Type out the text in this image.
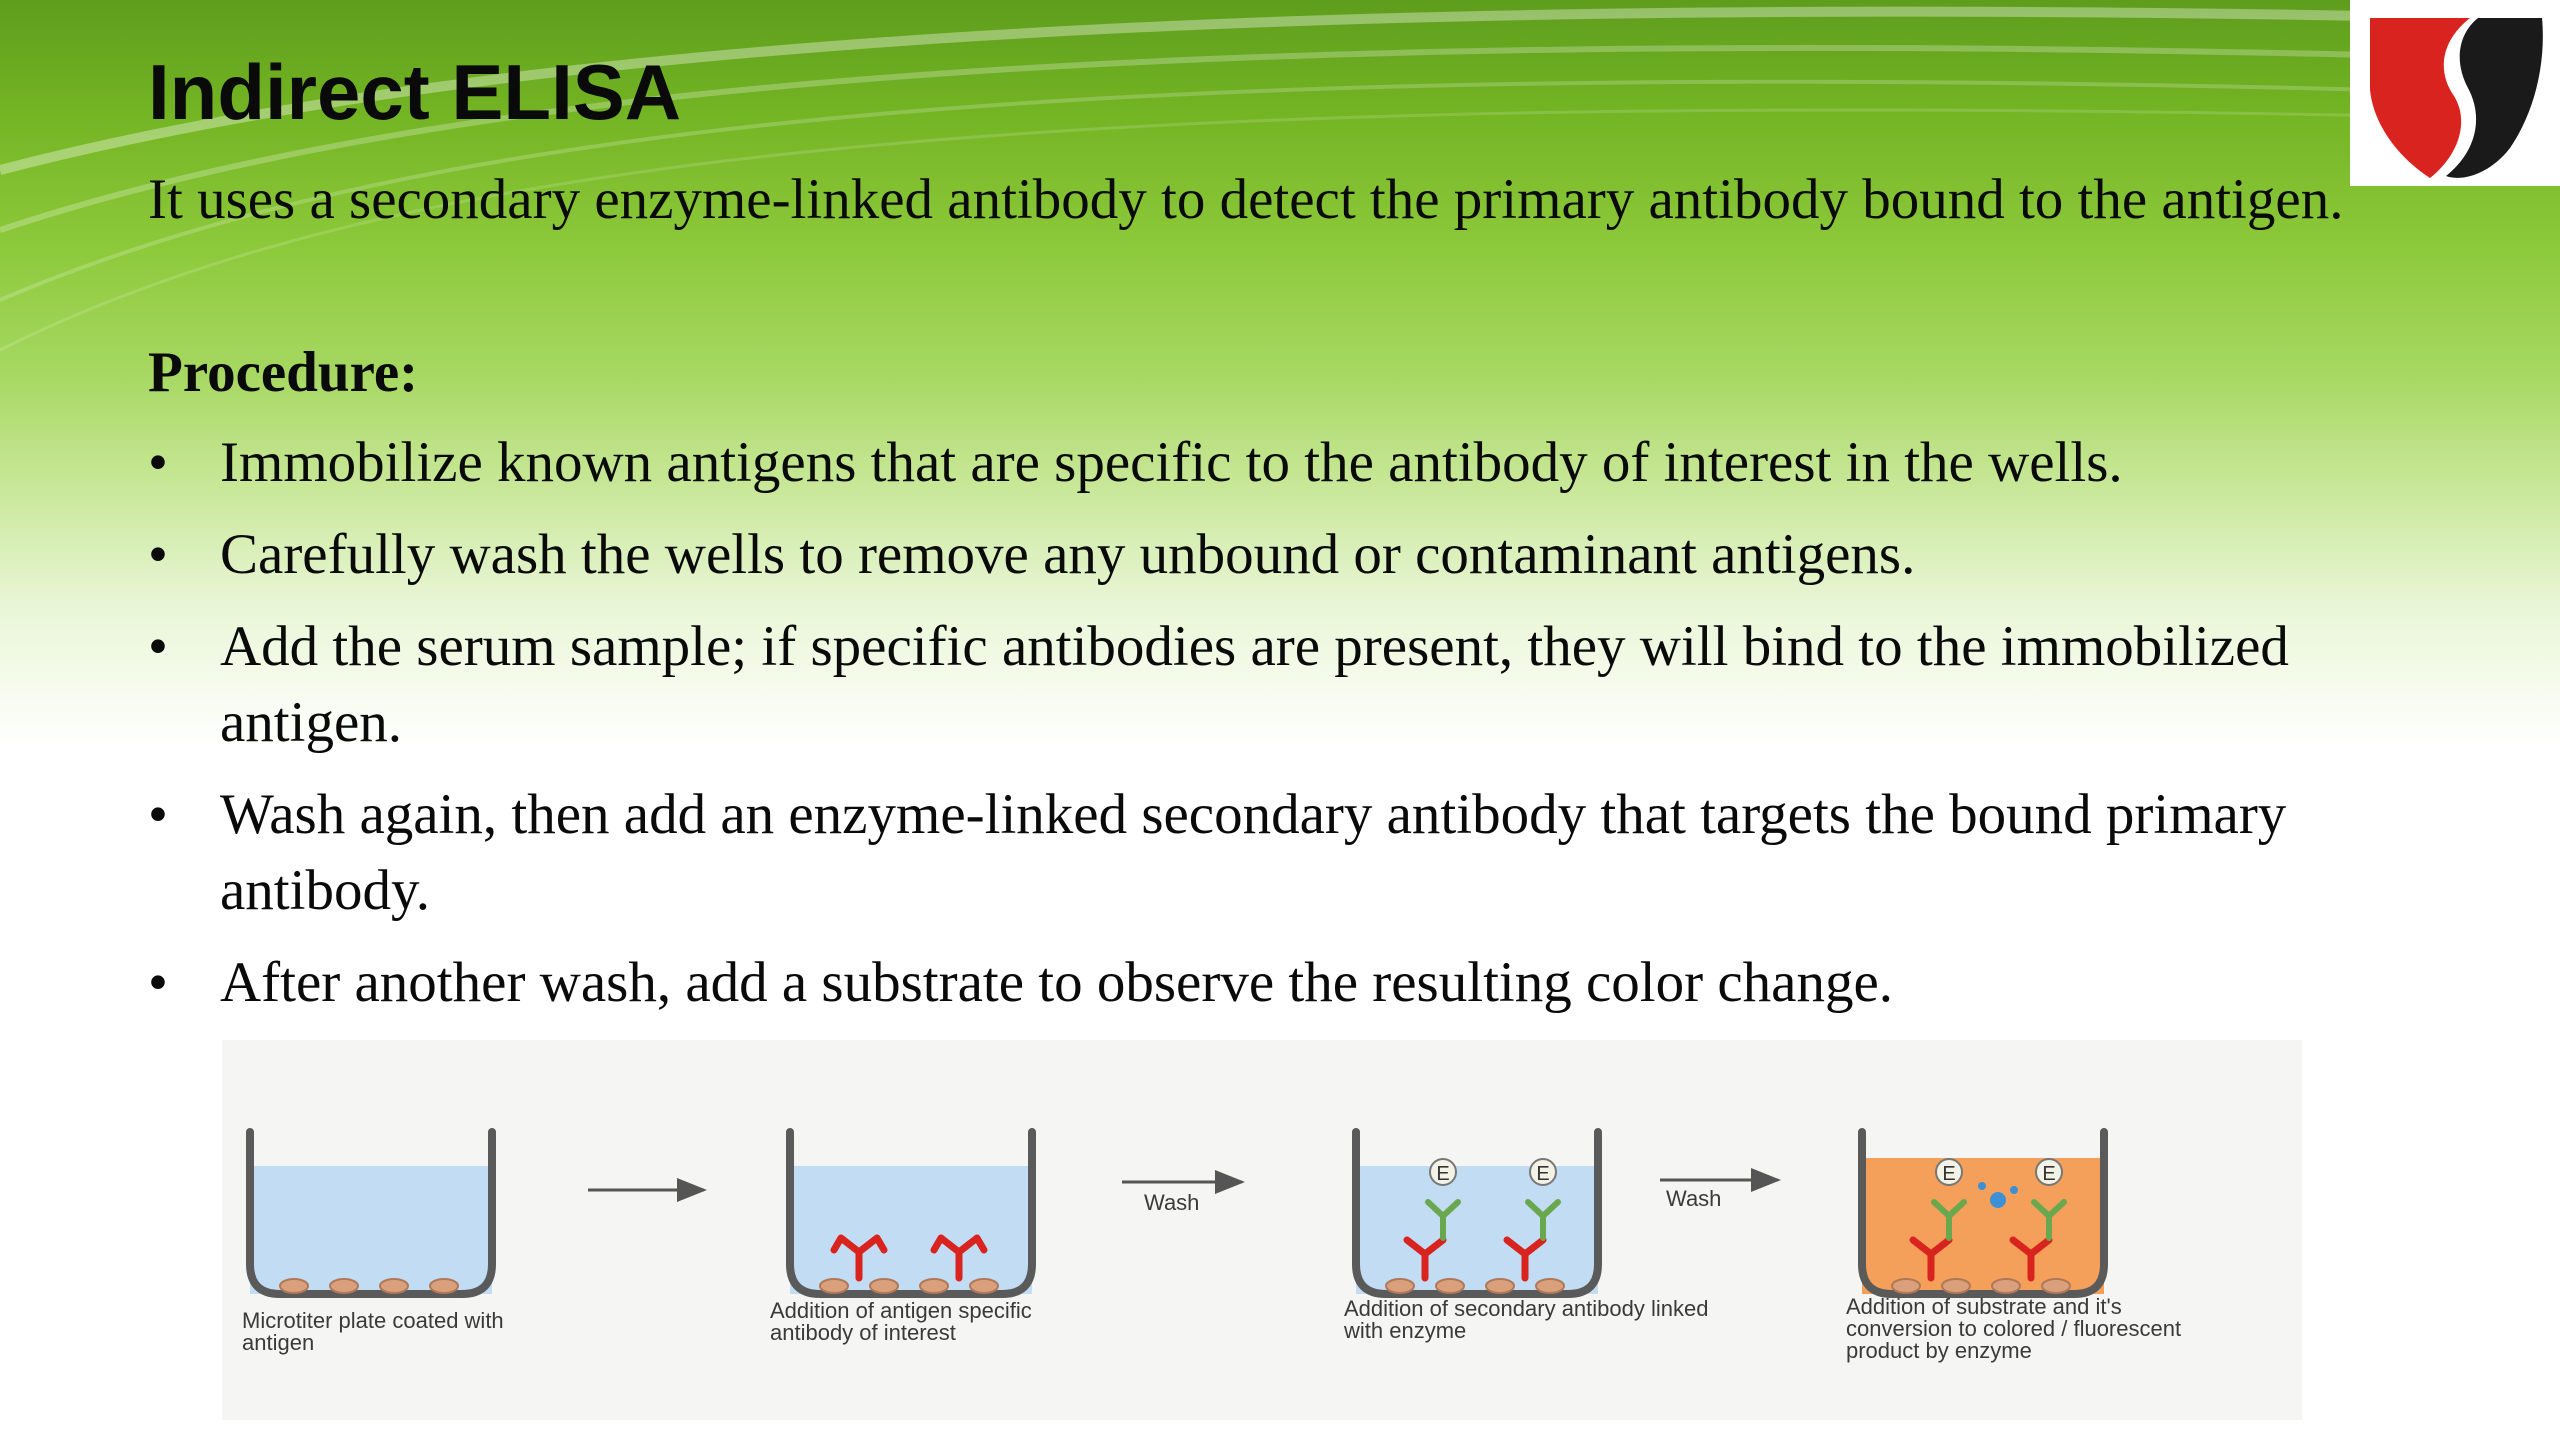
Indirect ELISA
It uses a secondary enzyme-linked antibody to detect the primary antibody bound to the antigen.
Procedure:
• Immobilize known antigens that are specific to the antibody of interest in the wells.
• Carefully wash the wells to remove any unbound or contaminant antigens.
• Add the serum sample; if specific antibodies are present, they will bind to the immobilized antigen.
• Wash again, then add an enzyme-linked secondary antibody that targets the bound primary antibody.
• After another wash, add a substrate to observe the resulting color change.
E	E	E	E
Wash	Wash
Microtiter plate coated with antigen
Addition of antigen specific antibody of interest
Addition of secondary antibody linked with enzyme
Addition of substrate and it's conversion to colored / fluorescent product by enzyme
